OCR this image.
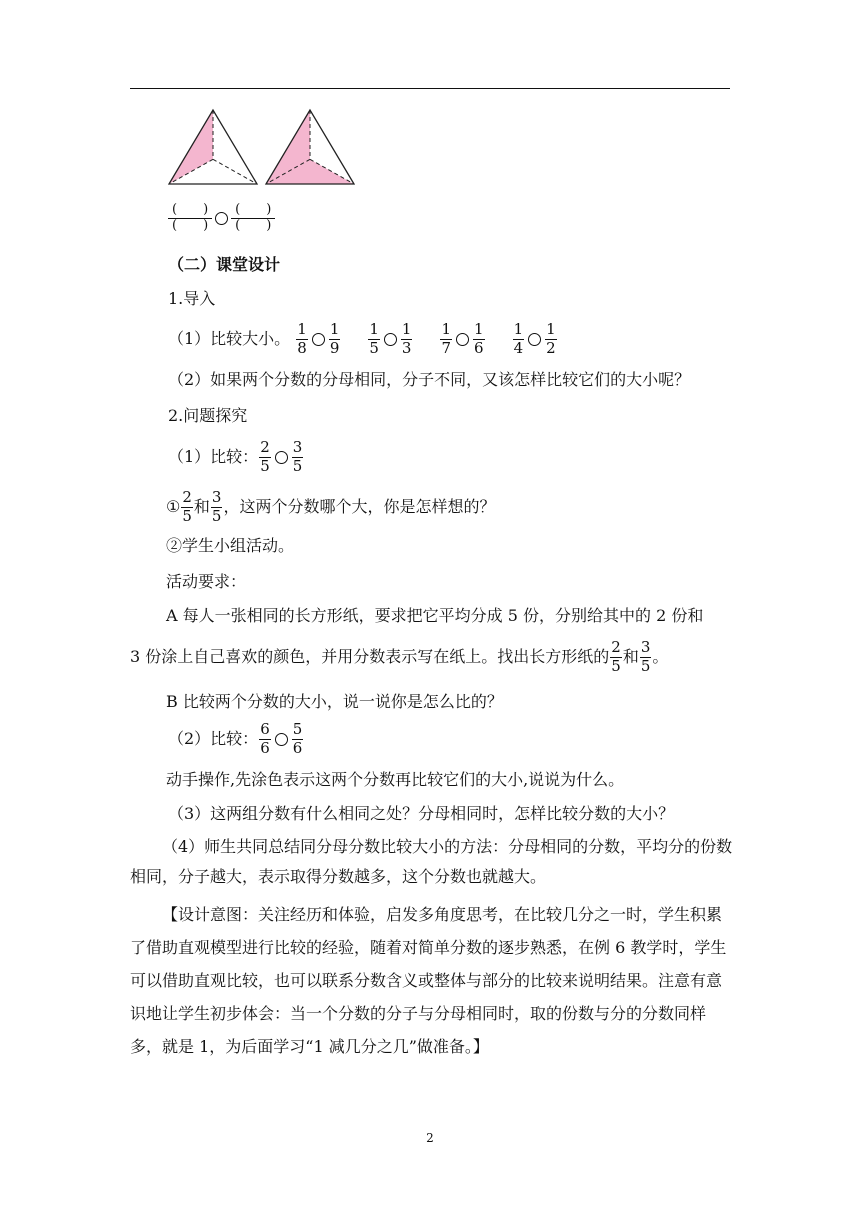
(　　)
(　　)
(　　)
(　　)
（二）课堂设计
1.导入
（1）比较大小。 $\frac{1}{8} \frac{1}{9} \frac{1}{5} \frac{1}{3} \frac{1}{7} \frac{1}{6} \frac{1}{4} \frac{1}{2}$
（2）如果两个分数的分母相同，分子不同，又该怎样比较它们的大小呢？
2.问题探究
（1）比较： $\frac{2}{5} \frac{3}{5}$
① $\frac{2}{5}$ 和 $\frac{3}{5}$ ，这两个分数哪个大，你是怎样想的？
②学生小组活动。
活动要求：
A 每人一张相同的长方形纸，要求把它平均分成 5 份，分别给其中的 2 份和
3 份涂上自己喜欢的颜色，并用分数表示写在纸上。找出长方形纸的 $\frac{2}{5}$ 和 $\frac{3}{5}$ 。
B 比较两个分数的大小，说一说你是怎么比的？
（2）比较： $\frac{6}{6} \frac{5}{6}$
动手操作,先涂色表示这两个分数再比较它们的大小,说说为什么。
（3）这两组分数有什么相同之处？分母相同时，怎样比较分数的大小？

（4）师生共同总结同分母分数比较大小的方法：分母相同的分数，平均分的份数相同，分子越大，表示取得分数越多，这个分数也就越大。

【设计意图：关注经历和体验，启发多角度思考，在比较几分之一时，学生积累了借助直观模型进行比较的经验，随着对简单分数的逐步熟悉，在例 6 教学时，学生可以借助直观比较，也可以联系分数含义或整体与部分的比较来说明结果。注意有意识地让学生初步体会：当一个分数的分子与分母相同时，取的份数与分的分数同样多，就是 1，为后面学习“1 减几分之几”做准备。】

2
